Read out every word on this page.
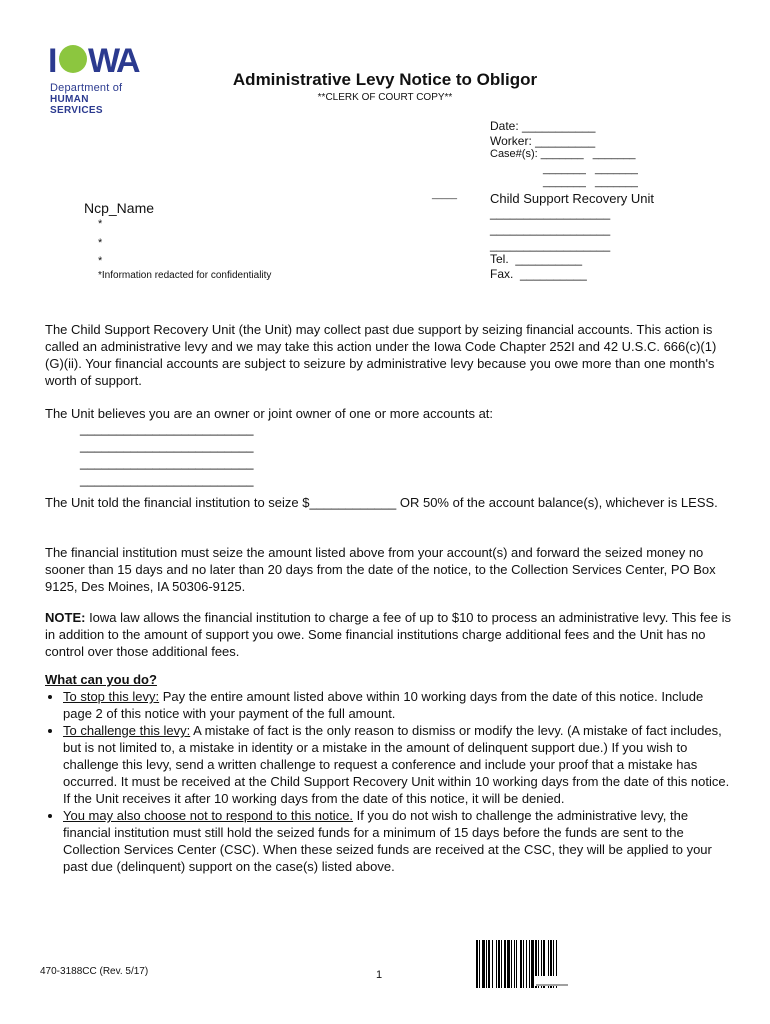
I W
A
Department of
HUMAN SERVICES
Administrative Levy Notice to Obligor
**CLERK OF COURT COPY**
Date: ___________
Worker: _________
Case#(s): _______   _______
_______   _______
_______   _______
_____
Ncp_Name
*
*
*
*Information redacted for confidentiality
Child Support Recovery Unit
__________________
__________________
__________________
Tel.  __________
Fax.  __________

The Child Support Recovery Unit (the Unit) may collect past due support by seizing financial accounts. This action is called an administrative levy and we may take this action under the Iowa Code Chapter 252I and 42 U.S.C. 666(c)(1)(G)(ii). Your financial accounts are subject to seizure by administrative levy because you owe more than one month's worth of support.

The Unit believes you are an owner or joint owner of one or more accounts at:

________________________
________________________
________________________
________________________

The Unit told the financial institution to seize $____________ OR 50% of the account balance(s), whichever is LESS.

The financial institution must seize the amount listed above from your account(s) and forward the seized money no sooner than 15 days and no later than 20 days from the date of the notice, to the Collection Services Center, PO Box 9125, Des Moines, IA 50306-9125.

NOTE: Iowa law allows the financial institution to charge a fee of up to $10 to process an administrative levy. This fee is in addition to the amount of support you owe. Some financial institutions charge additional fees and the Unit has no control over those additional fees.

What can you do?

• To stop this levy: Pay the entire amount listed above within 10 working days from the date of this notice. Include page 2 of this notice with your payment of the full amount.
• To challenge this levy: A mistake of fact is the only reason to dismiss or modify the levy. (A mistake of fact includes, but is not limited to, a mistake in identity or a mistake in the amount of delinquent support due.) If you wish to challenge this levy, send a written challenge to request a conference and include your proof that a mistake has occurred. It must be received at the Child Support Recovery Unit within 10 working days from the date of this notice. If the Unit receives it after 10 working days from the date of this notice, it will be denied.
• You may also choose not to respond to this notice. If you do not wish to challenge the administrative levy, the financial institution must still hold the seized funds for a minimum of 15 days before the funds are sent to the Collection Services Center (CSC). When these seized funds are received at the CSC, they will be applied to your past due (delinquent) support on the case(s) listed above.
470-3188CC (Rev. 5/17)	1
